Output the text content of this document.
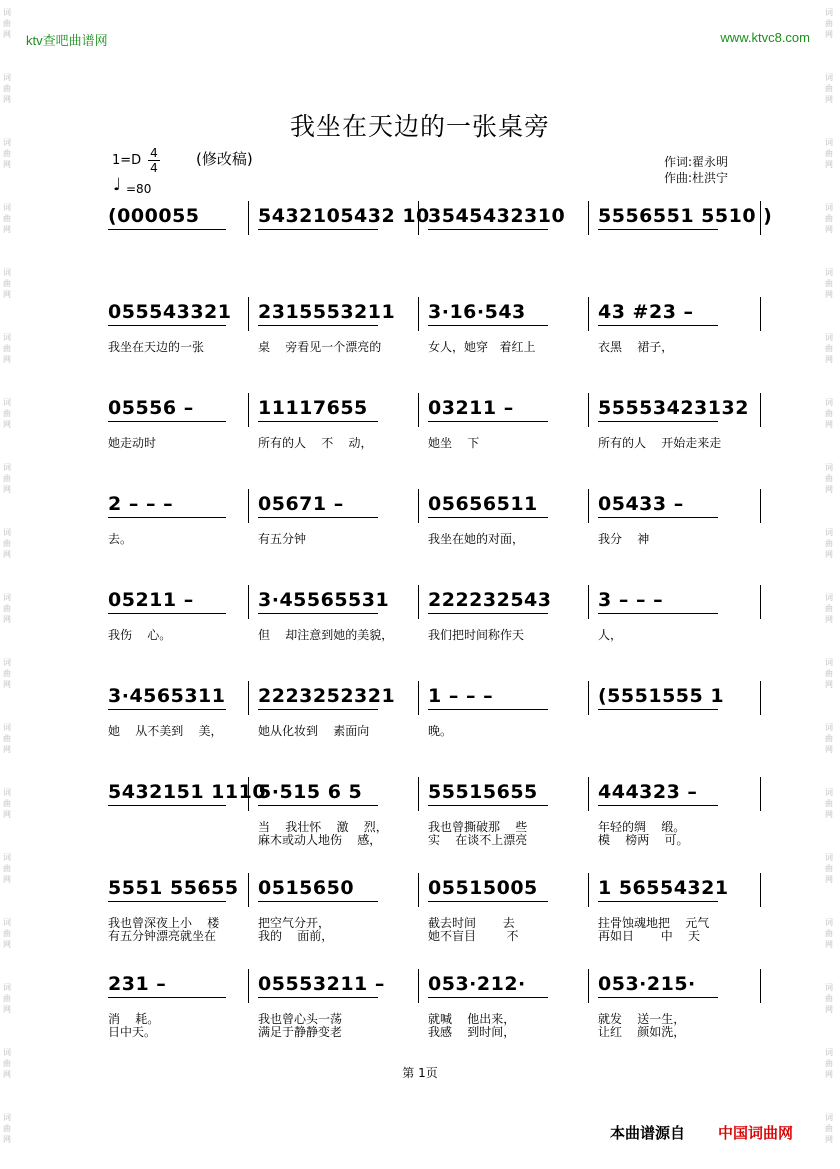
词
曲
网
词
曲
网
词
曲
网
词
曲
网
词
曲
网
词
曲
网
词
曲
网
词
曲
网
词
曲
网
词
曲
网
词
曲
网
词
曲
网
词
曲
网
词
曲
网
词
曲
网
词
曲
网
词
曲
网
词
曲
网
词
曲
网
词
曲
网
词
曲
网
词
曲
网
词
曲
网
词
曲
网
词
曲
网
词
曲
网
词
曲
网
词
曲
网
词
曲
网
词
曲
网
词
曲
网
词
曲
网
词
曲
网
词
曲
网
词
曲
网
词
曲
网
ktv查吧曲谱网	www.ktvc8.com
我坐在天边的一张桌旁
1=D 4
4
♩ =80
(修改稿)	作词:翟永明
作曲:杜洪宁
(000055	5432105432 10
3545432310 5556551 5510 )
055543321
我坐在天边的一张
2315553211
桌    旁看见一个漂亮的
3·16·543
女人，她穿   着红上
43 #23 –
衣黑    裙子，
05556 –
她走动时
11117655
所有的人    不    动，
03211 –
她坐    下
55553423132
所有的人    开始走来走
2 – – –
去。
05671 –
有五分钟
05656511
我坐在她的对面，
05433 –
我分    神
05211 –
我伤    心。
3·45565531
但    却注意到她的美貌，
222232543
我们把时间称作天
3 – – –
人，
3·4565311
她    从不美到    美，
2223252321
她从化妆到    素面向
1 – – –
晚。
(5551555 1
5432151 1110
5·515 6 5
当    我壮怀    激    烈，
麻木或动人地伤    感，
55515655
我也曾撕破那    些
实    在谈不上漂亮
444323 –
年轻的绸    缎。
模    榜两    可。
5551 55655
我也曾深夜上小    楼
有五分钟漂亮就坐在
0515650
把空气分开，
我的    面前，
05515005
截去时间       去
她不盲目        不
1 56554321
拄骨蚀魂地把    元气
再如日       中    天
231 –
消    耗。
日中天。
05553211 –
我也曾心头一荡
满足于静静变老
053·212·
就喊    他出来，
我感    到时间，
053·215·
就发    送一生，
让红    颜如洗，
第 1页
本曲谱源自 中国词曲网
